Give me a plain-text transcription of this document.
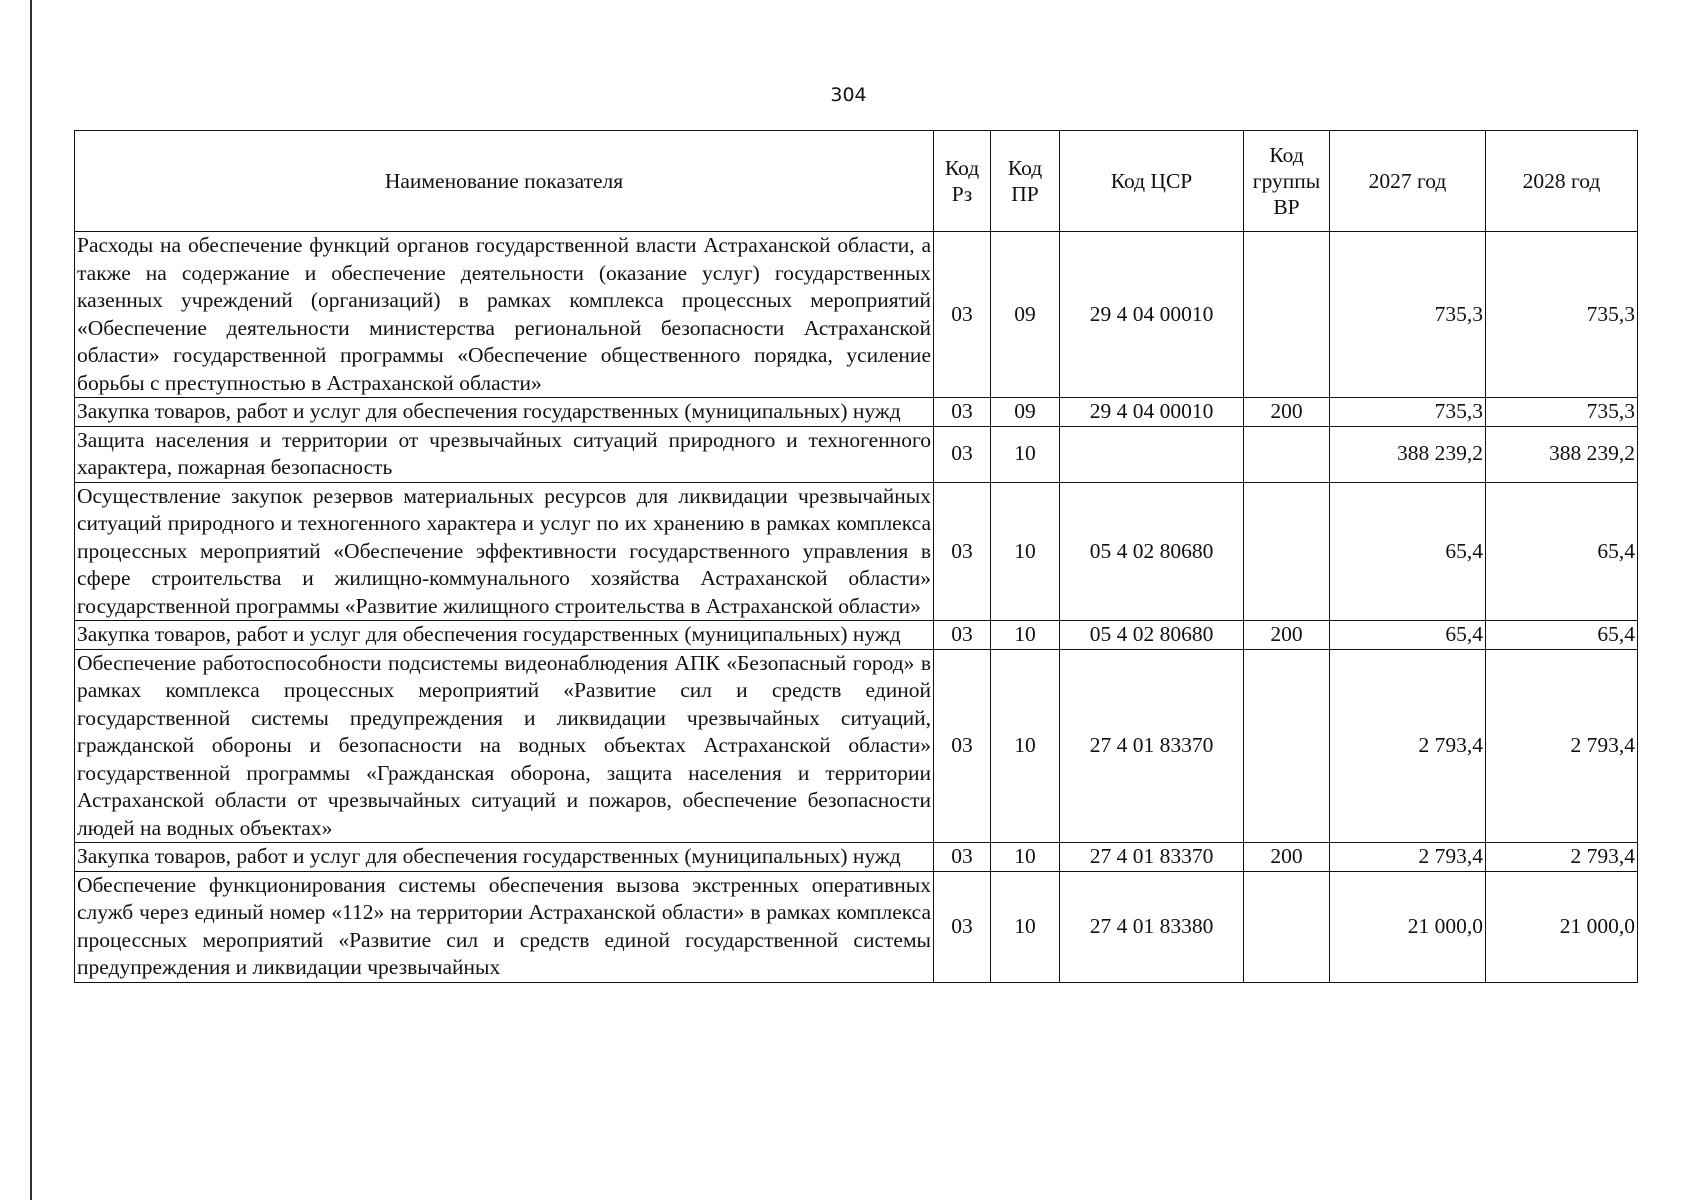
304
Наименование показателя	Код Рз	Код ПР	Код ЦСР	Код группы ВР	2027 год	2028 год
Расходы на обеспечение функций органов государственной власти Астраханской области, а также на содержание и обеспечение деятельности (оказание услуг) государственных казенных учреждений (организаций) в рамках комплекса процессных мероприятий «Обеспечение деятельности министерства региональной безопасности Астраханской области» государственной программы «Обеспечение общественного порядка, усиление борьбы с преступностью в Астраханской области»	03	09	29 4 04 00010		735,3	735,3
Закупка товаров, работ и услуг для обеспечения государственных (муниципальных) нужд	03	09	29 4 04 00010	200	735,3	735,3
Защита населения и территории от чрезвычайных ситуаций природного и техногенного характера, пожарная безопасность	03	10			388 239,2	388 239,2
Осуществление закупок резервов материальных ресурсов для ликвидации чрезвычайных ситуаций природного и техногенного характера и услуг по их хранению в рамках комплекса процессных мероприятий «Обеспечение эффективности государственного управления в сфере строительства и жилищно-коммунального хозяйства Астраханской области» государственной программы «Развитие жилищного строительства в Астраханской области»	03	10	05 4 02 80680		65,4	65,4
Закупка товаров, работ и услуг для обеспечения государственных (муниципальных) нужд	03	10	05 4 02 80680	200	65,4	65,4
Обеспечение работоспособности подсистемы видеонаблюдения АПК «Безопасный город» в рамках комплекса процессных мероприятий «Развитие сил и средств единой государственной системы предупреждения и ликвидации чрезвычайных ситуаций, гражданской обороны и безопасности на водных объектах Астраханской области» государственной программы «Гражданская оборона, защита населения и территории Астраханской области от чрезвычайных ситуаций и пожаров, обеспечение безопасности людей на водных объектах»	03	10	27 4 01 83370		2 793,4	2 793,4
Закупка товаров, работ и услуг для обеспечения государственных (муниципальных) нужд	03	10	27 4 01 83370	200	2 793,4	2 793,4
Обеспечение функционирования системы обеспечения вызова экстренных оперативных служб через единый номер «112» на территории Астраханской области» в рамках комплекса процессных мероприятий «Развитие сил и средств единой государственной системы предупреждения и ликвидации чрезвычайных	03	10	27 4 01 83380		21 000,0	21 000,0
